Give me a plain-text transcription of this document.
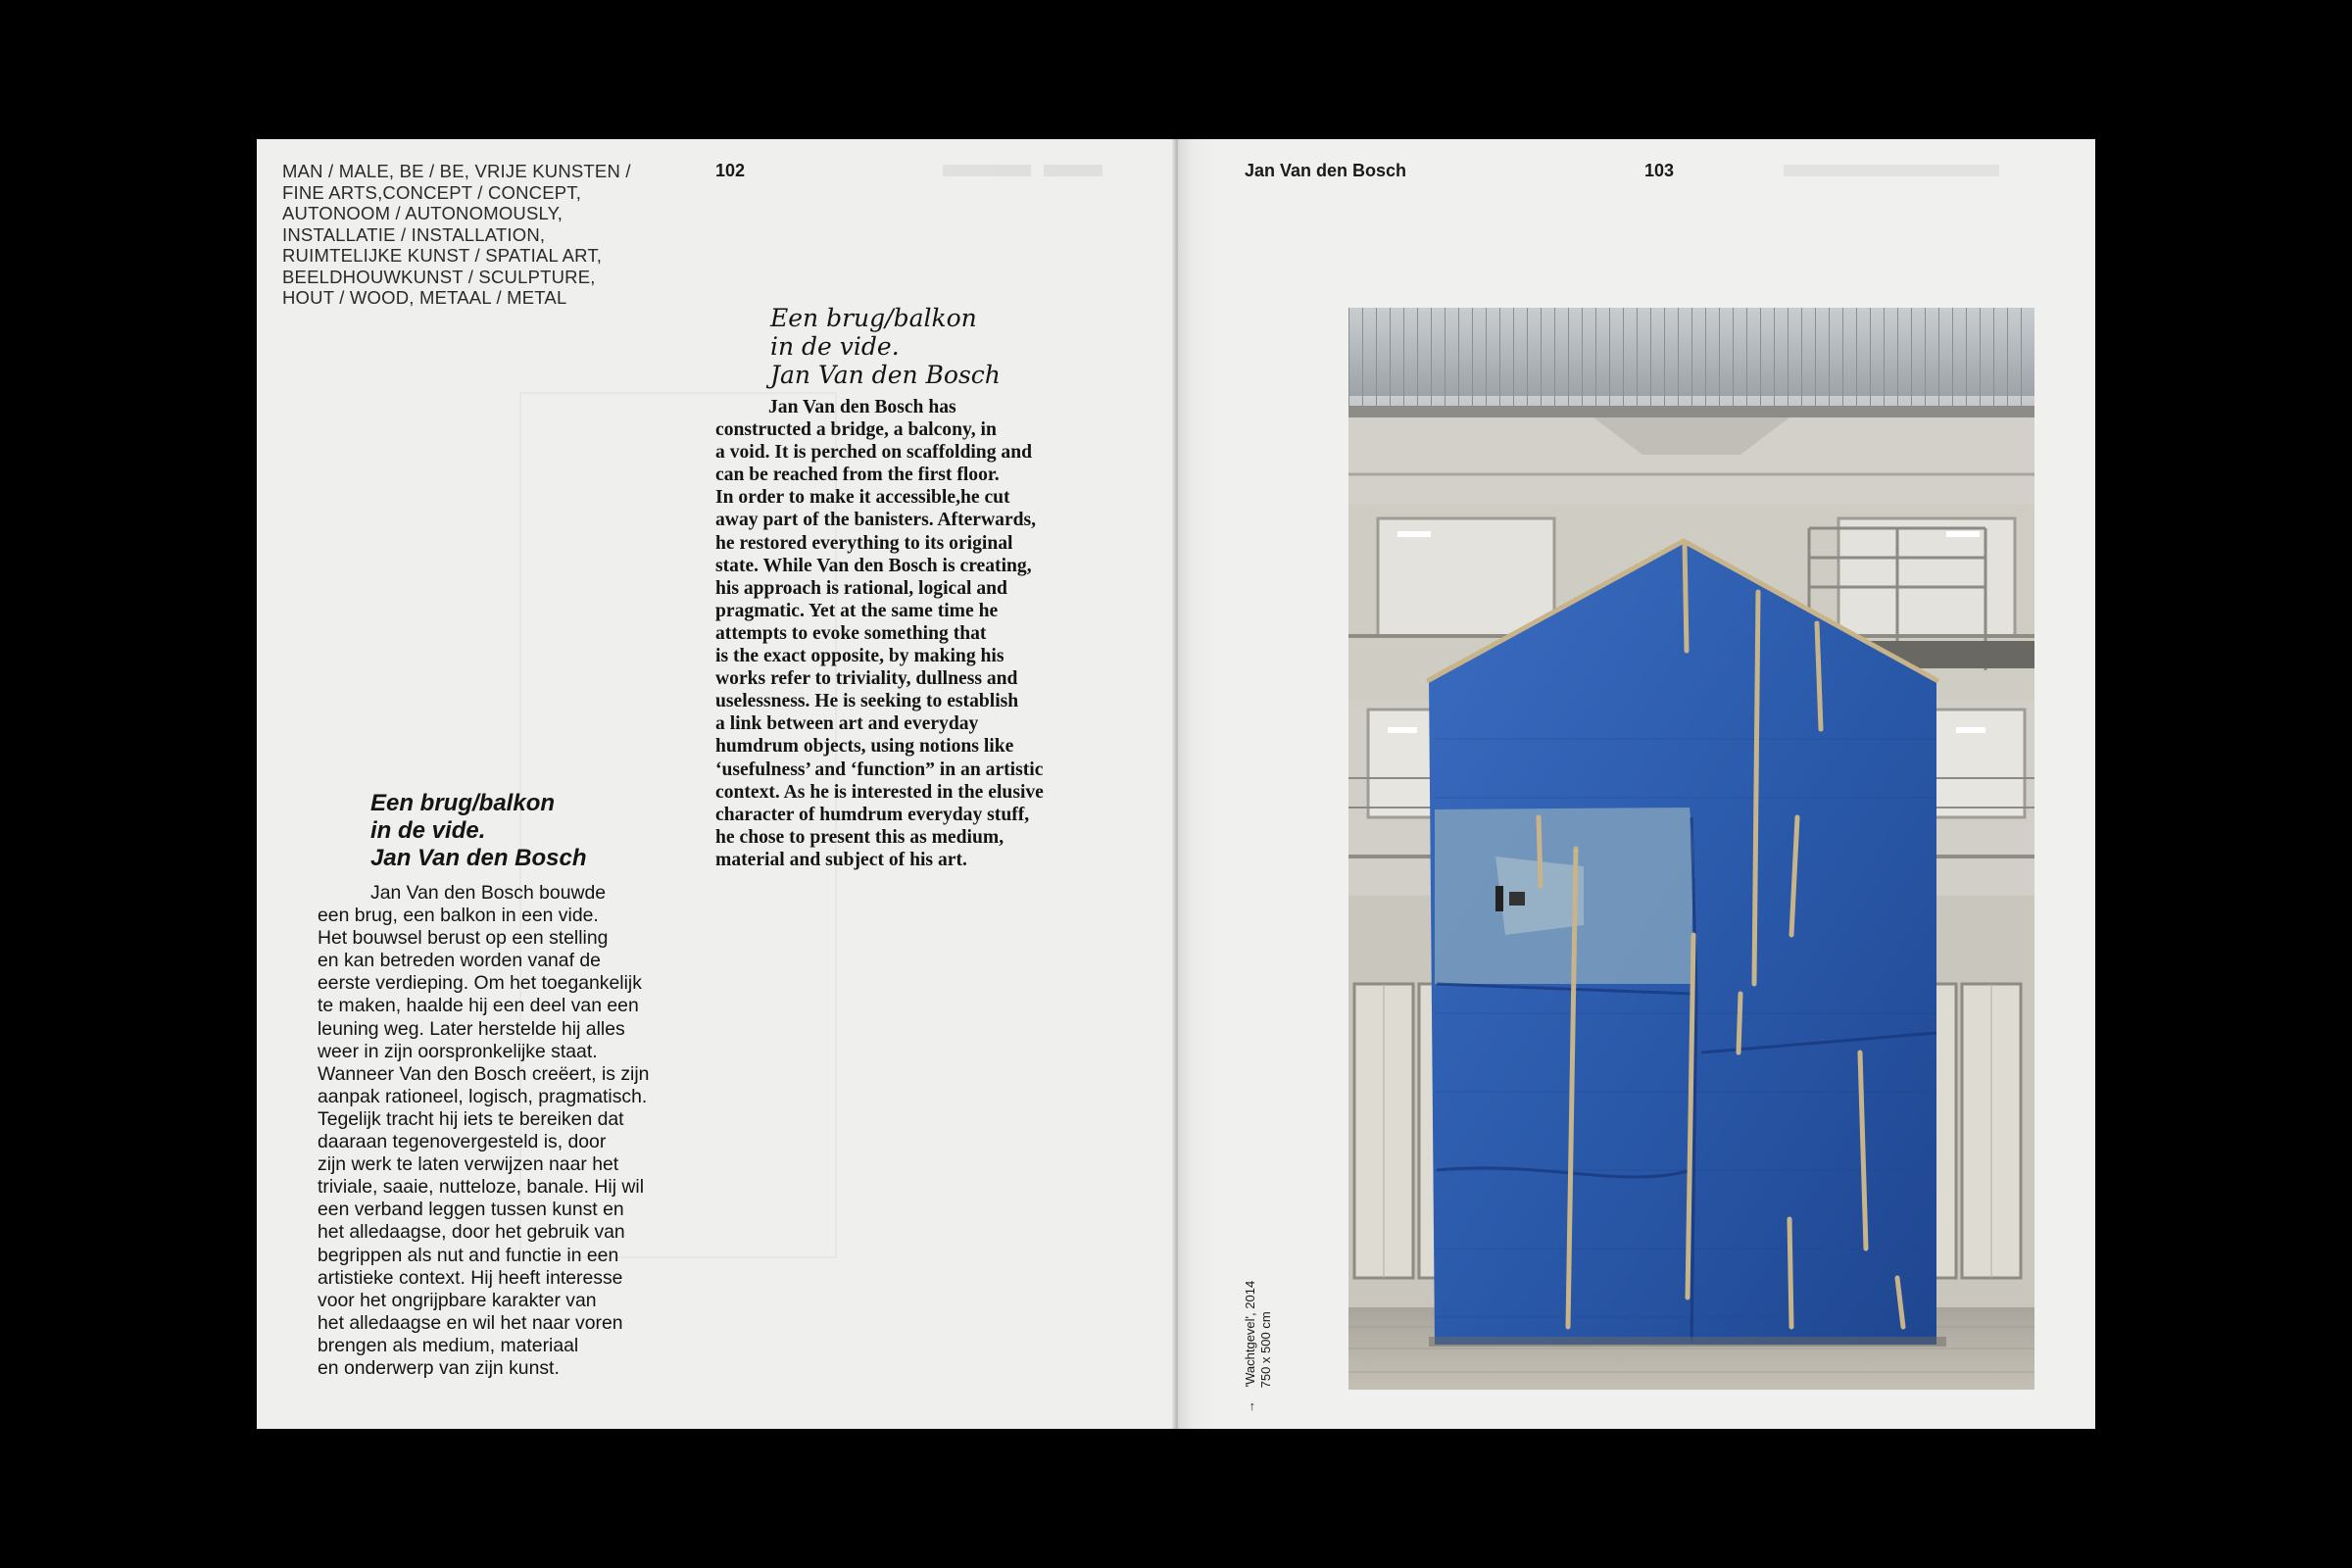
MAN / MALE, BE / BE, VRIJE KUNSTEN /
FINE ARTS,CONCEPT / CONCEPT,
AUTONOOM / AUTONOMOUSLY,
INSTALLATIE / INSTALLATION,
RUIMTELIJKE KUNST / SPATIAL ART,
BEELDHOUWKUNST / SCULPTURE,
HOUT / WOOD, METAAL / METAL
102
Een brug/balkon
in de vide.
Jan Van den Bosch

Jan Van den Bosch has
constructed a bridge, a balcony, in
a void. It is perched on scaffolding and
can be reached from the first floor.
In order to make it accessible,he cut
away part of the banisters. Afterwards,
he restored everything to its original
state. While Van den Bosch is creating,
his approach is rational, logical and
pragmatic. Yet at the same time he
attempts to evoke something that
is the exact opposite, by making his
works refer to triviality, dullness and
uselessness. He is seeking to establish
a link between art and everyday
humdrum objects, using notions like
‘usefulness’ and ‘function” in an artistic
context. As he is interested in the elusive
character of humdrum everyday stuff,
he chose to present this as medium,
material and subject of his art.

Een brug/balkon
in de vide.
Jan Van den Bosch

Jan Van den Bosch bouwde
een brug, een balkon in een vide.
Het bouwsel berust op een stelling
en kan betreden worden vanaf de
eerste verdieping. Om het toegankelijk
te maken, haalde hij een deel van een
leuning weg. Later herstelde hij alles
weer in zijn oorspronkelijke staat.
Wanneer Van den Bosch creëert, is zijn
aanpak rationeel, logisch, pragmatisch.
Tegelijk tracht hij iets te bereiken dat
daaraan tegenovergesteld is, door
zijn werk te laten verwijzen naar het
triviale, saaie, nutteloze, banale. Hij wil
een verband leggen tussen kunst en
het alledaagse, door het gebruik van
begrippen als nut and functie in een
artistieke context. Hij heeft interesse
voor het ongrijpbare karakter van
het alledaagse en wil het naar voren
brengen als medium, materiaal
en onderwerp van zijn kunst.

Jan Van den Bosch	103
→ 'Wachtgevel', 2014
750 x 500 cm
